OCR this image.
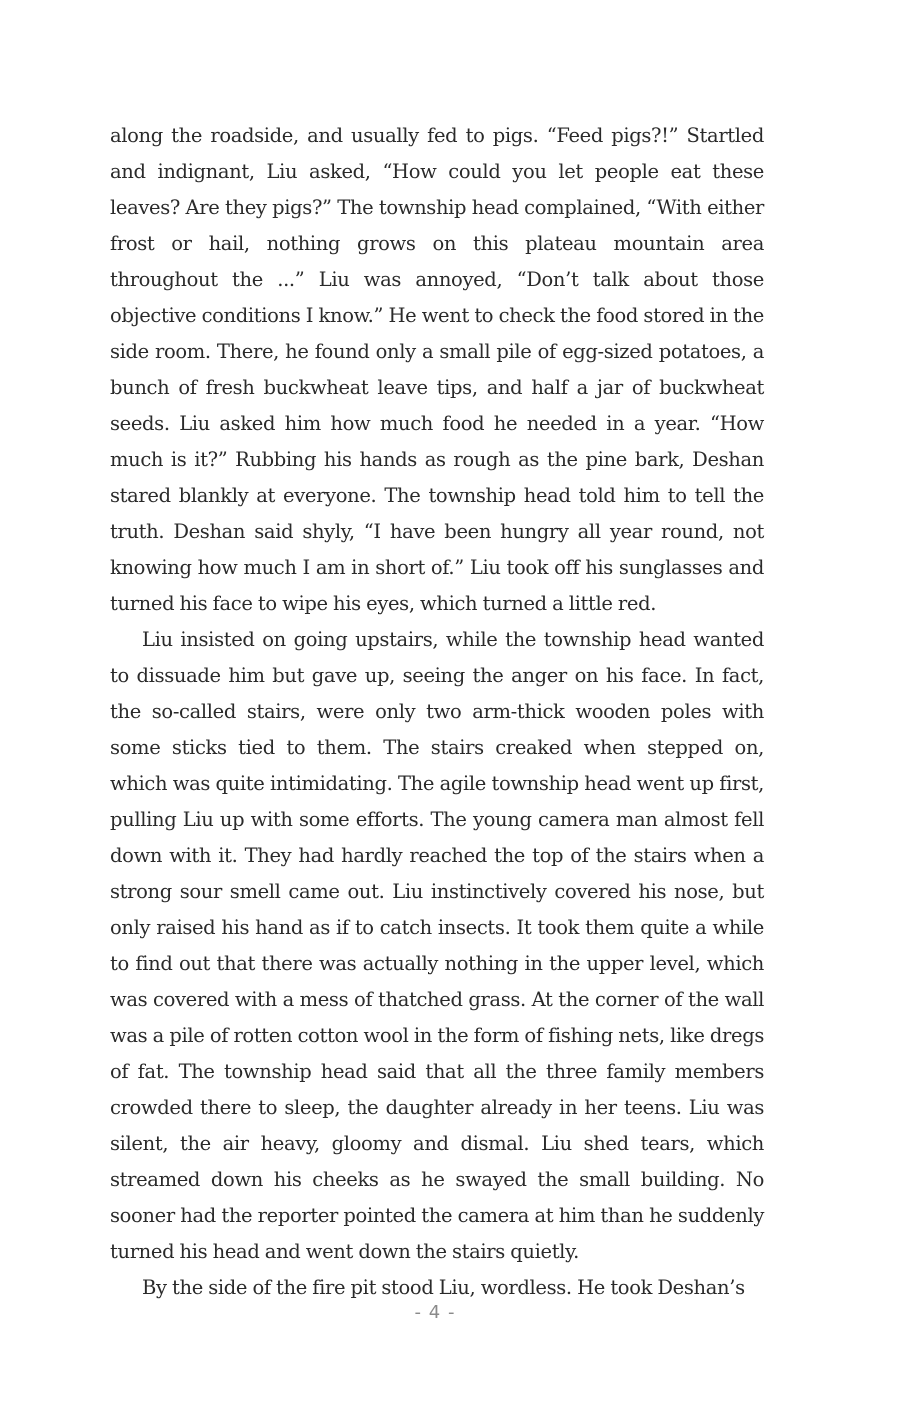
along the roadside, and usually fed to pigs. “Feed pigs?!” Startled and indignant, Liu asked, “How could you let people eat these leaves? Are they pigs?” The township head complained, “With either frost or hail, nothing grows on this plateau mountain area throughout the ...” Liu was annoyed, “Don’t talk about those objective conditions I know.” He went to check the food stored in the side room. There, he found only a small pile of egg-sized potatoes, a bunch of fresh buckwheat leave tips, and half a jar of buckwheat seeds. Liu asked him how much food he needed in a year. “How much is it?” Rubbing his hands as rough as the pine bark, Deshan stared blankly at everyone. The township head told him to tell the truth. Deshan said shyly, “I have been hungry all year round, not knowing how much I am in short of.” Liu took off his sunglasses and turned his face to wipe his eyes, which turned a little red.

Liu insisted on going upstairs, while the township head wanted to dissuade him but gave up, seeing the anger on his face. In fact, the so-called stairs, were only two arm-thick wooden poles with some sticks tied to them. The stairs creaked when stepped on, which was quite intimidating. The agile township head went up first, pulling Liu up with some efforts. The young camera man almost fell down with it. They had hardly reached the top of the stairs when a strong sour smell came out. Liu instinctively covered his nose, but only raised his hand as if to catch insects. It took them quite a while to find out that there was actually nothing in the upper level, which was covered with a mess of thatched grass. At the corner of the wall was a pile of rotten cotton wool in the form of fishing nets, like dregs of fat. The township head said that all the three family members crowded there to sleep, the daughter already in her teens. Liu was silent, the air heavy, gloomy and dismal. Liu shed tears, which streamed down his cheeks as he swayed the small building. No sooner had the reporter pointed the camera at him than he suddenly turned his head and went down the stairs quietly.

By the side of the fire pit stood Liu, wordless. He took Deshan’s

- 4 -
